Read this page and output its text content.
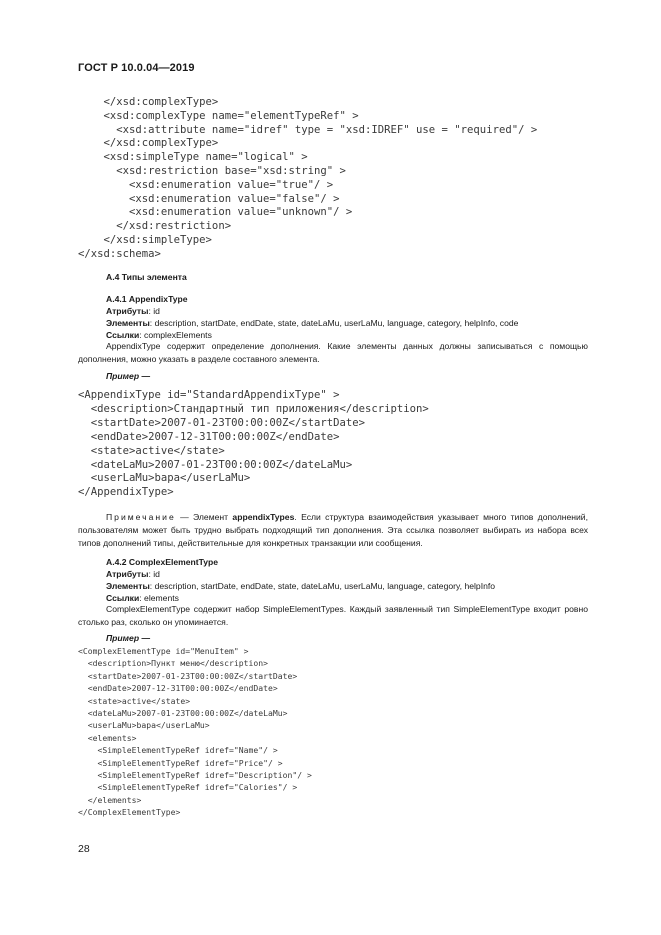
ГОСТ Р 10.0.04—2019
</xsd:complexType>
<xsd:complexType name="elementTypeRef" >
<xsd:attribute name="idref" type = "xsd:IDREF" use = "required"/ >
</xsd:complexType>
<xsd:simpleType name="logical" >
<xsd:restriction base="xsd:string" >
<xsd:enumeration value="true"/ >
<xsd:enumeration value="false"/ >
<xsd:enumeration value="unknown"/ >
</xsd:restriction>
</xsd:simpleType>
</xsd:schema>
А.4 Типы элемента
А.4.1 AppendixType
Атрибуты: id
Элементы: description, startDate, endDate, state, dateLaMu, userLaMu, language, category, helpInfo, code
Ссылки: complexElements
AppendixType содержит определение дополнения. Какие элементы данных должны записываться с помощью дополнения, можно указать в разделе составного элемента.
Пример —
<AppendixType id="StandardAppendixType" >
<description>Стандартный тип приложения</description>
<startDate>2007-01-23T00:00:00Z</startDate>
<endDate>2007-12-31T00:00:00Z</endDate>
<state>active</state>
<dateLaMu>2007-01-23T00:00:00Z</dateLaMu>
<userLaMu>bapa</userLaMu>
</AppendixType>
Примечание — Элемент appendixTypes. Если структура взаимодействия указывает много типов дополнений, пользователям может быть трудно выбрать подходящий тип дополнения. Эта ссылка позволяет выбирать из набора всех типов дополнений типы, действительные для конкретных транзакции или сообщения.
А.4.2 ComplexElementType
Атрибуты: id
Элементы: description, startDate, endDate, state, dateLaMu, userLaMu, language, category, helpInfo
Ссылки: elements
ComplexElementType содержит набор SimpleElementTypes. Каждый заявленный тип SimpleElementType входит ровно столько раз, сколько он упоминается.
Пример —
<ComplexElementType id="MenuItem" >
<description>Пункт меню</description>
<startDate>2007-01-23T00:00:00Z</startDate>
<endDate>2007-12-31T00:00:00Z</endDate>
<state>active</state>
<dateLaMu>2007-01-23T00:00:00Z</dateLaMu>
<userLaMu>bapa</userLaMu>
<elements>
<SimpleElementTypeRef idref="Name"/ >
<SimpleElementTypeRef idref="Price"/ >
<SimpleElementTypeRef idref="Description"/ >
<SimpleElementTypeRef idref="Calories"/ >
</elements>
</ComplexElementType>
28
